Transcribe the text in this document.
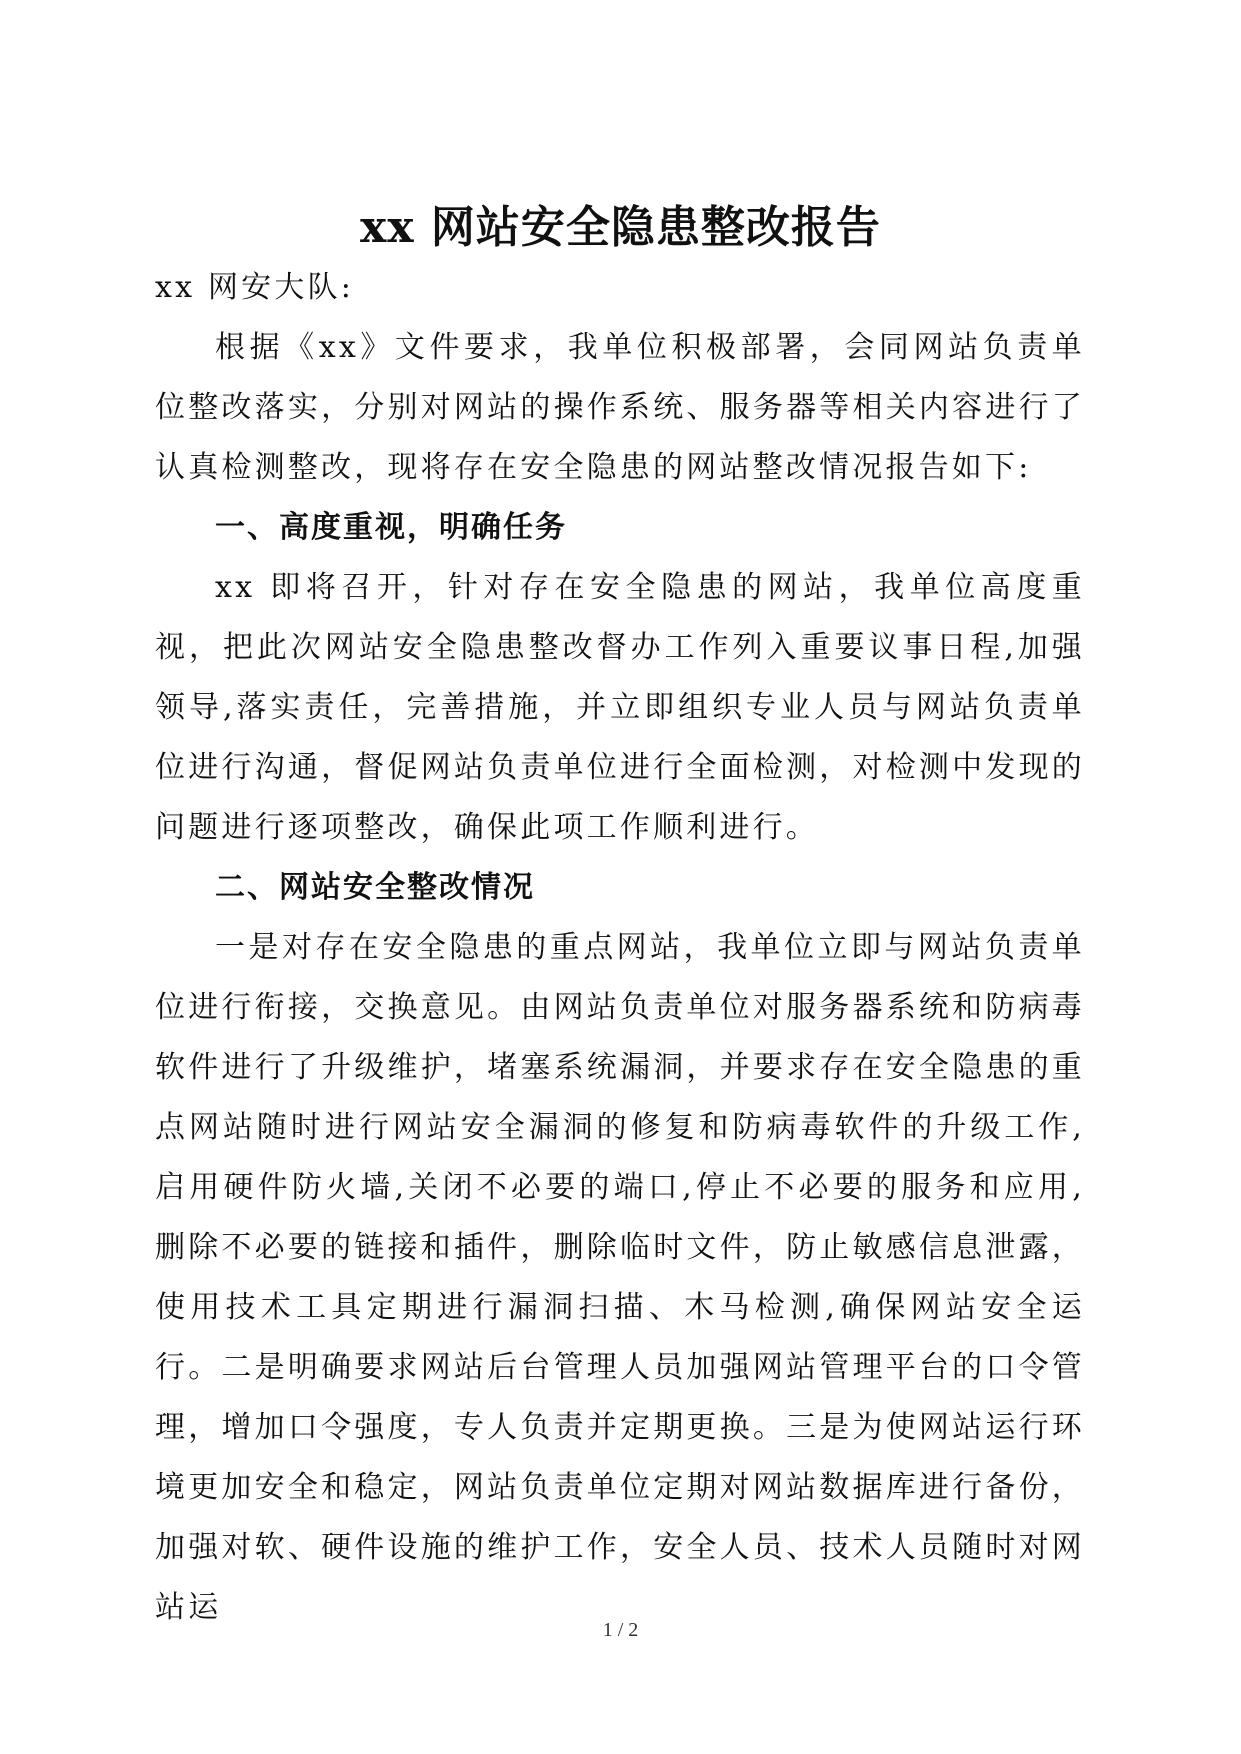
xx 网站安全隐患整改报告

xx 网安大队:

根据《xx》文件要求，我单位积极部署，会同网站负责单位整改落实，分别对网站的操作系统、服务器等相关内容进行了认真检测整改，现将存在安全隐患的网站整改情况报告如下:

一、高度重视，明确任务

xx 即将召开，针对存在安全隐患的网站，我单位高度重视，把此次网站安全隐患整改督办工作列入重要议事日程,加强领导,落实责任，完善措施，并立即组织专业人员与网站负责单位进行沟通，督促网站负责单位进行全面检测，对检测中发现的问题进行逐项整改，确保此项工作顺利进行。

二、网站安全整改情况

一是对存在安全隐患的重点网站，我单位立即与网站负责单位进行衔接，交换意见。由网站负责单位对服务器系统和防病毒软件进行了升级维护，堵塞系统漏洞，并要求存在安全隐患的重点网站随时进行网站安全漏洞的修复和防病毒软件的升级工作,启用硬件防火墙,关闭不必要的端口,停止不必要的服务和应用,删除不必要的链接和插件，删除临时文件，防止敏感信息泄露，使用技术工具定期进行漏洞扫描、木马检测,确保网站安全运行。二是明确要求网站后台管理人员加强网站管理平台的口令管理，增加口令强度，专人负责并定期更换。三是为使网站运行环境更加安全和稳定，网站负责单位定期对网站数据库进行备份，加强对软、硬件设施的维护工作，安全人员、技术人员随时对网站运

1 / 2
